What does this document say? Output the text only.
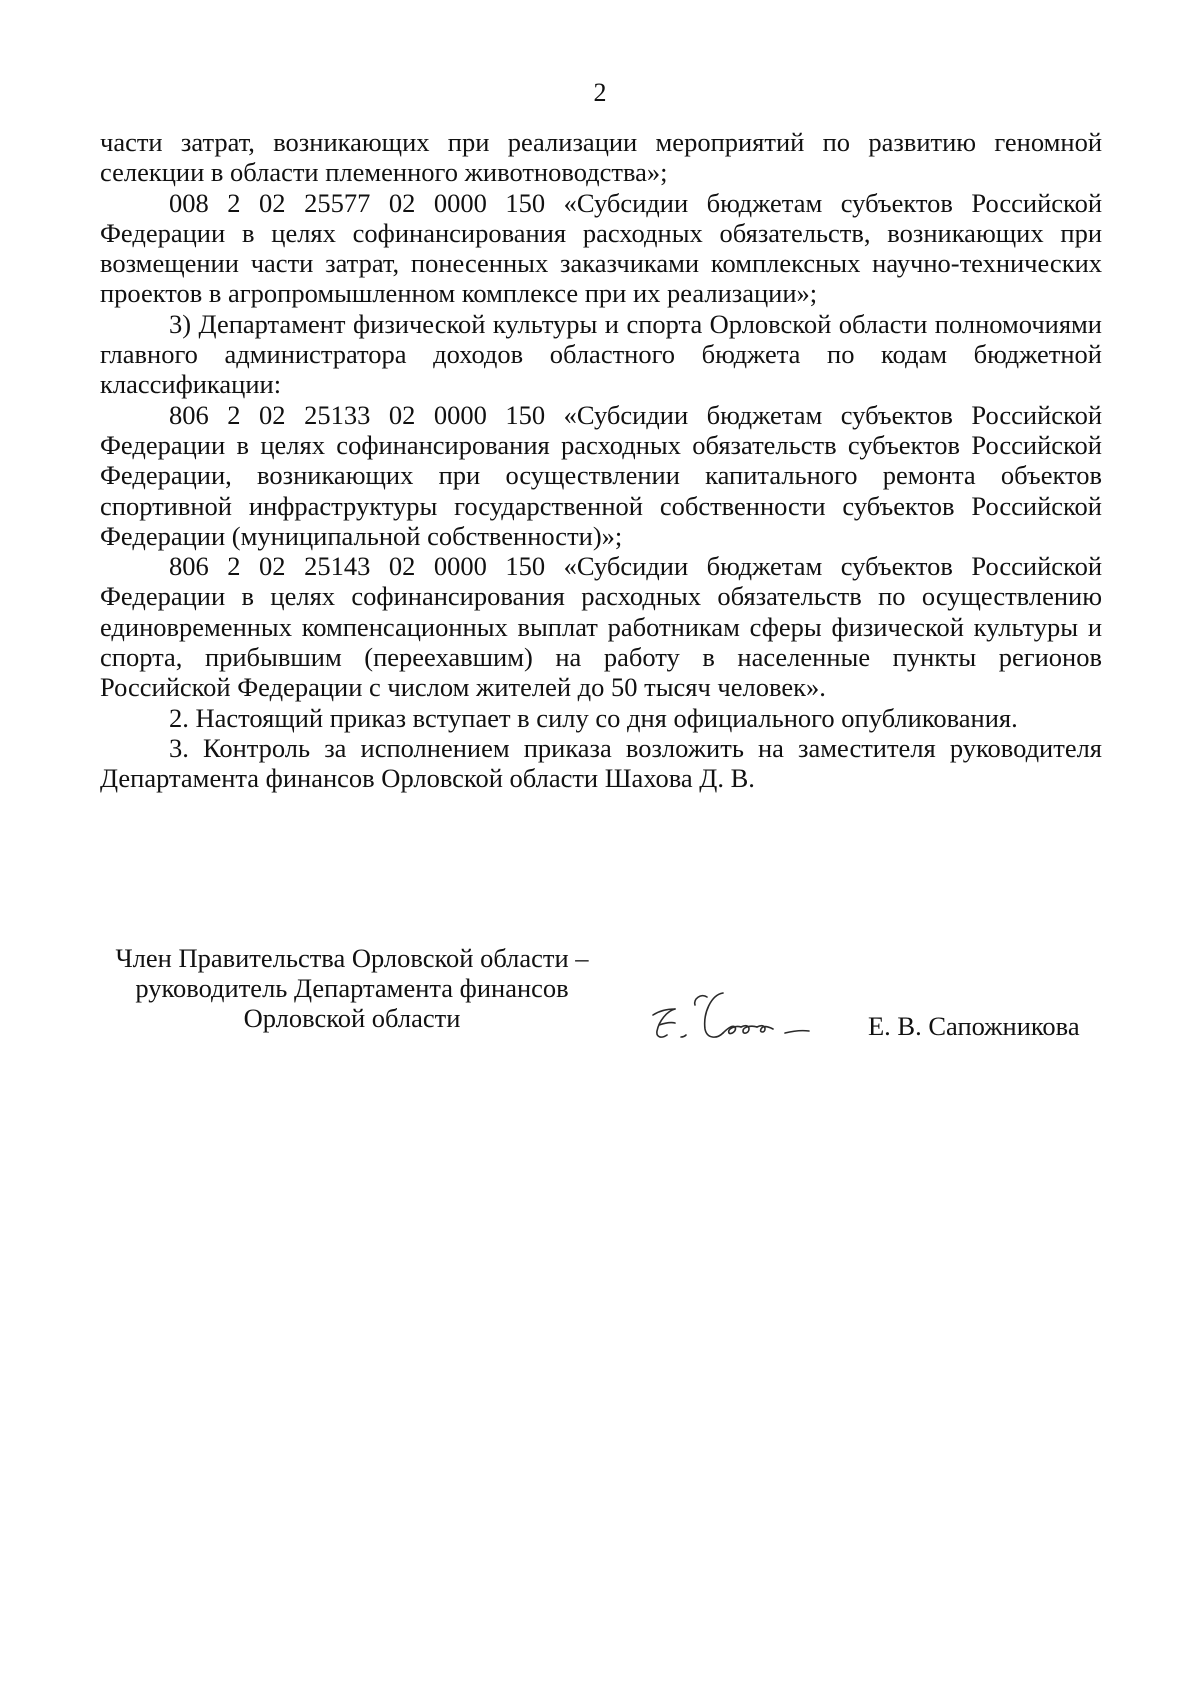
2

части затрат, возникающих при реализации мероприятий по развитию геномной селекции в области племенного животноводства»;

008 2 02 25577 02 0000 150 «Субсидии бюджетам субъектов Российской Федерации в целях софинансирования расходных обязательств, возникающих при возмещении части затрат, понесенных заказчиками комплексных научно-технических проектов в агропромышленном комплексе при их реализации»;

3) Департамент физической культуры и спорта Орловской области полномочиями главного администратора доходов областного бюджета по кодам бюджетной классификации:

806 2 02 25133 02 0000 150 «Субсидии бюджетам субъектов Российской Федерации в целях софинансирования расходных обязательств субъектов Российской Федерации, возникающих при осуществлении капитального ремонта объектов спортивной инфраструктуры государственной собственности субъектов Российской Федерации (муниципальной собственности)»;

806 2 02 25143 02 0000 150 «Субсидии бюджетам субъектов Российской Федерации в целях софинансирования расходных обязательств по осуществлению единовременных компенсационных выплат работникам сферы физической культуры и спорта, прибывшим (переехавшим) на работу в населенные пункты регионов Российской Федерации с числом жителей до 50 тысяч человек».

2. Настоящий приказ вступает в силу со дня официального опубликования.

3. Контроль за исполнением приказа возложить на заместителя руководителя Департамента финансов Орловской области Шахова Д. В.

Член Правительства Орловской области –
руководитель Департамента финансов
Орловской области	Е. В. Сапожникова
